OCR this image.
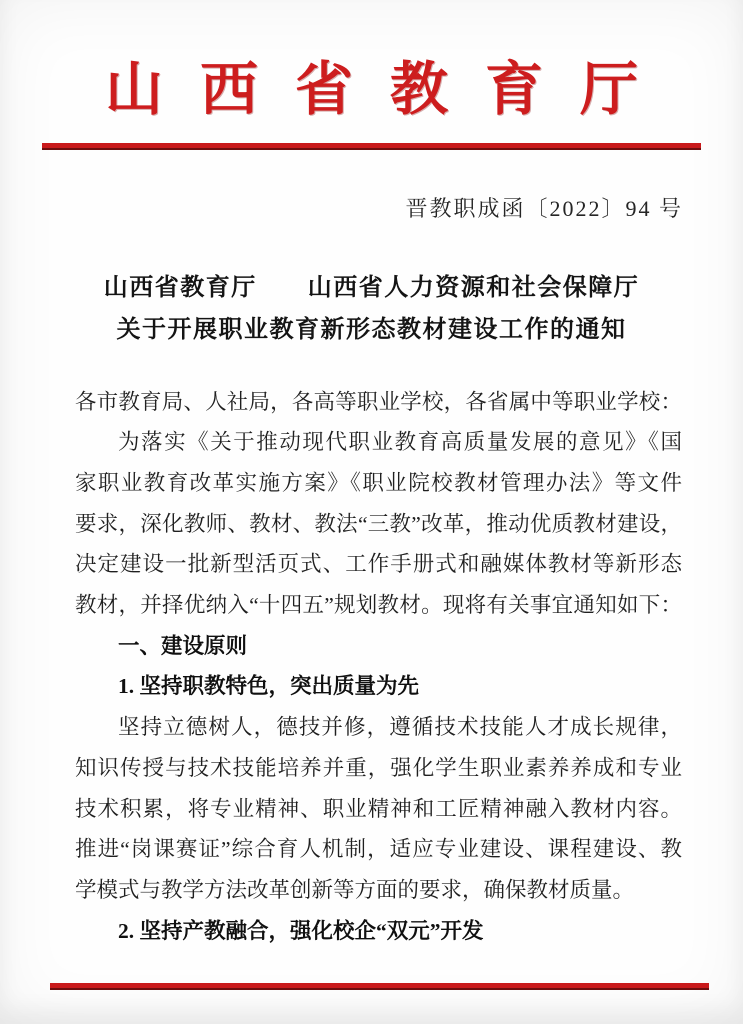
山西省教育厅
晋教职成函〔2022〕94 号
山西省教育厅　　山西省人力资源和社会保障厅
关于开展职业教育新形态教材建设工作的通知
各市教育局、人社局，各高等职业学校，各省属中等职业学校：
为落实《关于推动现代职业教育高质量发展的意见》《国
家职业教育改革实施方案》《职业院校教材管理办法》等文件
要求，深化教师、教材、教法“三教”改革，推动优质教材建设，
决定建设一批新型活页式、工作手册式和融媒体教材等新形态
教材，并择优纳入“十四五”规划教材。现将有关事宜通知如下：
一、建设原则
1. 坚持职教特色，突出质量为先
坚持立德树人，德技并修，遵循技术技能人才成长规律，
知识传授与技术技能培养并重，强化学生职业素养养成和专业
技术积累，将专业精神、职业精神和工匠精神融入教材内容。
推进“岗课赛证”综合育人机制，适应专业建设、课程建设、教
学模式与教学方法改革创新等方面的要求，确保教材质量。
2. 坚持产教融合，强化校企“双元”开发
